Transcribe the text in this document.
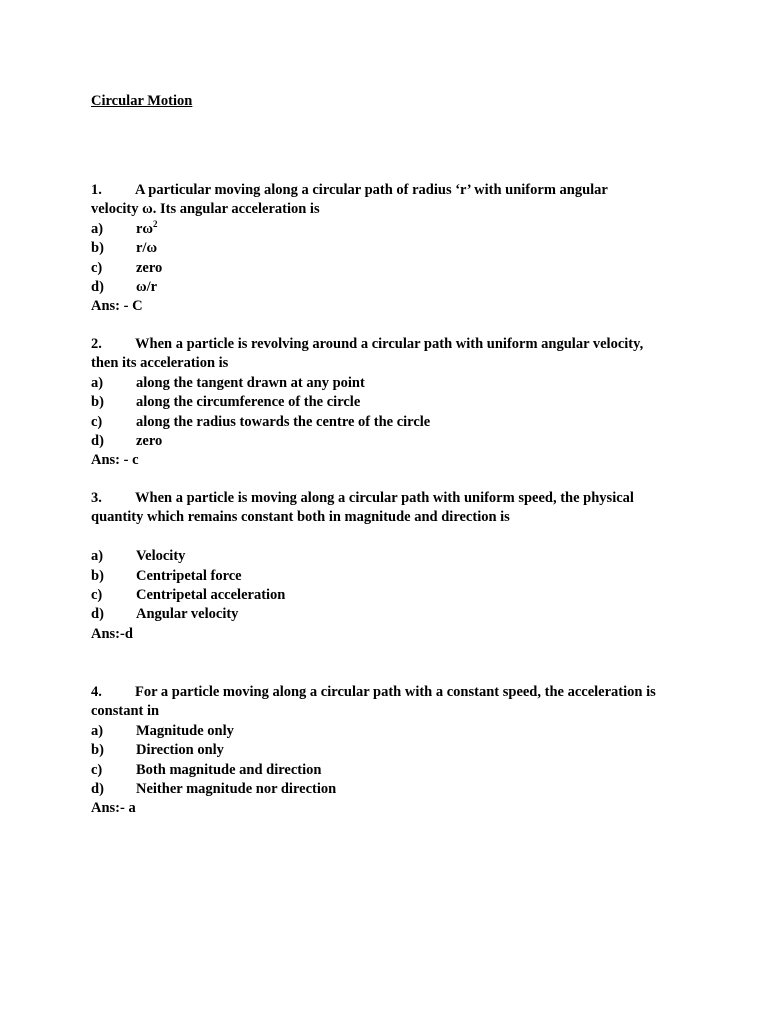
Circular Motion
1. A particular moving along a circular path of radius ‘r’ with uniform angular
velocity ω. Its angular acceleration is
a) $r\omega^2$
b) r/ω
c) zero
d) ω/r
Ans: - C
2. When a particle is revolving around a circular path with uniform angular velocity,
then its acceleration is
a) along the tangent drawn at any point
b) along the circumference of the circle
c) along the radius towards the centre of the circle
d) zero
Ans: - c
3. When a particle is moving along a circular path with uniform speed, the physical
quantity which remains constant both in magnitude and direction is
a) Velocity
b) Centripetal force
c) Centripetal acceleration
d) Angular velocity
Ans:-d
4. For a particle moving along a circular path with a constant speed, the acceleration is
constant in
a) Magnitude only
b) Direction only
c) Both magnitude and direction
d) Neither magnitude nor direction
Ans:- a
